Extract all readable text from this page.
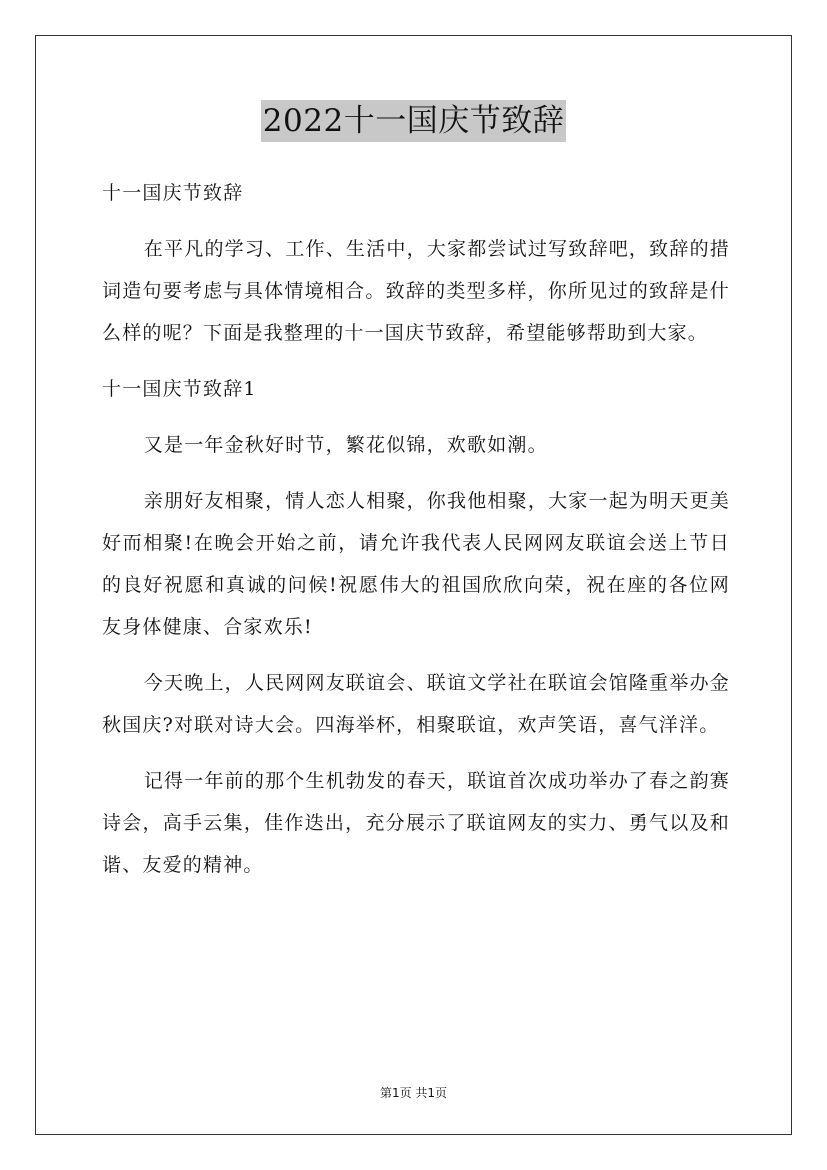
2022十一国庆节致辞
十一国庆节致辞

在平凡的学习、工作、生活中，大家都尝试过写致辞吧，致辞的措词造句要考虑与具体情境相合。致辞的类型多样，你所见过的致辞是什么样的呢？下面是我整理的十一国庆节致辞，希望能够帮助到大家。

十一国庆节致辞1

又是一年金秋好时节，繁花似锦，欢歌如潮。

亲朋好友相聚，情人恋人相聚，你我他相聚，大家一起为明天更美好而相聚!在晚会开始之前，请允许我代表人民网网友联谊会送上节日的良好祝愿和真诚的问候!祝愿伟大的祖国欣欣向荣，祝在座的各位网友身体健康、合家欢乐!

今天晚上，人民网网友联谊会、联谊文学社在联谊会馆隆重举办金秋国庆?对联对诗大会。四海举杯，相聚联谊，欢声笑语，喜气洋洋。

记得一年前的那个生机勃发的春天，联谊首次成功举办了春之韵赛诗会，高手云集，佳作迭出，充分展示了联谊网友的实力、勇气以及和谐、友爱的精神。

第1页 共1页
